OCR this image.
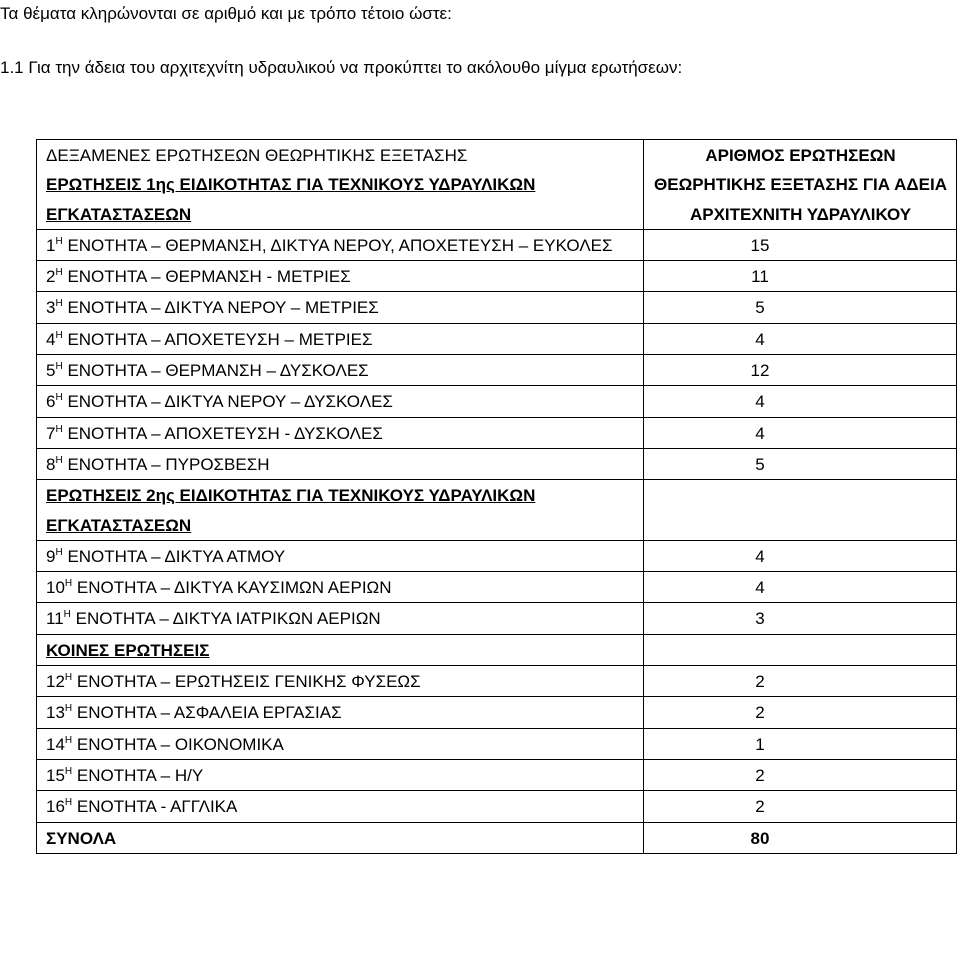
Τα θέματα κληρώνονται σε αριθμό και με τρόπο τέτοιο ώστε:
1.1 Για την άδεια του αρχιτεχνίτη υδραυλικού να προκύπτει το ακόλουθο μίγμα ερωτήσεων:
ΔΕΞΑΜΕΝΕΣ ΕΡΩΤΗΣΕΩΝ ΘΕΩΡΗΤΙΚΗΣ ΕΞΕΤΑΣΗΣ
ΕΡΩΤΗΣΕΙΣ 1ης ΕΙΔΙΚΟΤΗΤΑΣ ΓΙΑ ΤΕΧΝΙΚΟΥΣ ΥΔΡΑΥΛΙΚΩΝ ΕΓΚΑΤΑΣΤΑΣΕΩΝ	ΑΡΙΘΜΟΣ ΕΡΩΤΗΣΕΩΝ ΘΕΩΡΗΤΙΚΗΣ ΕΞΕΤΑΣΗΣ ΓΙΑ ΑΔΕΙΑ ΑΡΧΙΤΕΧΝΙΤΗ ΥΔΡΑΥΛΙΚΟΥ

$1^H$ ΕΝΟΤΗΤΑ – ΘΕΡΜΑΝΣΗ, ΔΙΚΤΥΑ ΝΕΡΟΥ, ΑΠΟΧΕΤΕΥΣΗ – ΕΥΚΟΛΕΣ	15
$2^H$ ΕΝΟΤΗΤΑ – ΘΕΡΜΑΝΣΗ - ΜΕΤΡΙΕΣ	11
$3^H$ ΕΝΟΤΗΤΑ – ΔΙΚΤΥΑ ΝΕΡΟΥ – ΜΕΤΡΙΕΣ	5
$4^H$ ΕΝΟΤΗΤΑ – ΑΠΟΧΕΤΕΥΣΗ – ΜΕΤΡΙΕΣ	4
$5^H$ ΕΝΟΤΗΤΑ – ΘΕΡΜΑΝΣΗ – ΔΥΣΚΟΛΕΣ	12
$6^H$ ΕΝΟΤΗΤΑ – ΔΙΚΤΥΑ ΝΕΡΟΥ – ΔΥΣΚΟΛΕΣ	4
$7^H$ ΕΝΟΤΗΤΑ – ΑΠΟΧΕΤΕΥΣΗ - ΔΥΣΚΟΛΕΣ	4
$8^H$ ΕΝΟΤΗΤΑ – ΠΥΡΟΣΒΕΣΗ	5

ΕΡΩΤΗΣΕΙΣ 2ης ΕΙΔΙΚΟΤΗΤΑΣ ΓΙΑ ΤΕΧΝΙΚΟΥΣ ΥΔΡΑΥΛΙΚΩΝ ΕΓΚΑΤΑΣΤΑΣΕΩΝ	

$9^H$ ΕΝΟΤΗΤΑ – ΔΙΚΤΥΑ ΑΤΜΟΥ	4
$10^H$ ΕΝΟΤΗΤΑ – ΔΙΚΤΥΑ ΚΑΥΣΙΜΩΝ ΑΕΡΙΩΝ	4
$11^H$ ΕΝΟΤΗΤΑ – ΔΙΚΤΥΑ ΙΑΤΡΙΚΩΝ ΑΕΡΙΩΝ	3

ΚΟΙΝΕΣ ΕΡΩΤΗΣΕΙΣ	

$12^H$ ΕΝΟΤΗΤΑ – ΕΡΩΤΗΣΕΙΣ ΓΕΝΙΚΗΣ ΦΥΣΕΩΣ	2
$13^H$ ΕΝΟΤΗΤΑ – ΑΣΦΑΛΕΙΑ ΕΡΓΑΣΙΑΣ	2
$14^H$ ΕΝΟΤΗΤΑ – ΟΙΚΟΝΟΜΙΚΑ	1
$15^H$ ΕΝΟΤΗΤΑ – Η/Υ	2
$16^H$ ΕΝΟΤΗΤΑ - ΑΓΓΛΙΚΑ	2
ΣΥΝΟΛΑ	80
